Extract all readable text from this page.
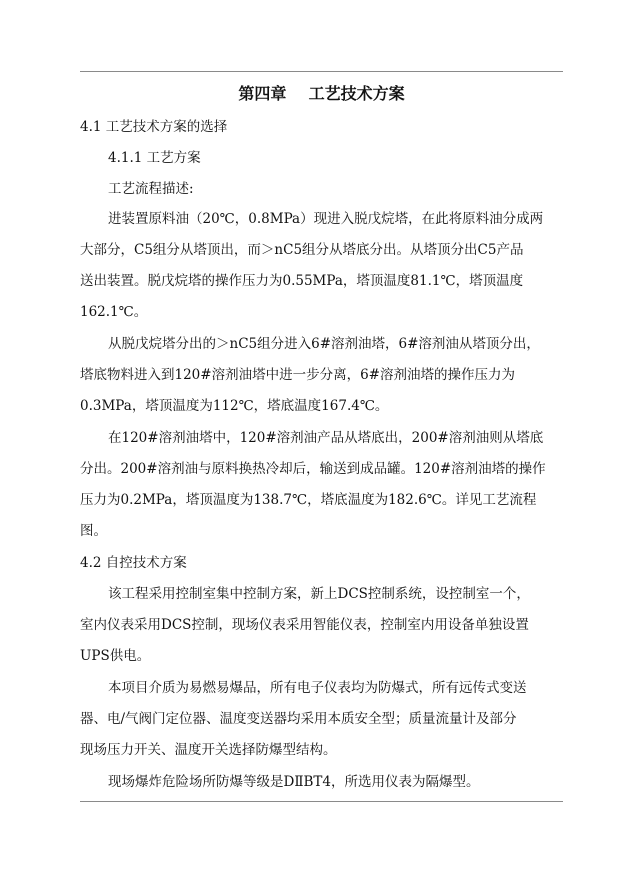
第四章    工艺技术方案
4.1 工艺技术方案的选择
4.1.1 工艺方案
工艺流程描述:
进装置原料油（20℃，0.8MPa）现进入脱戊烷塔，在此将原料油分成两
大部分，C5组分从塔顶出，而＞nC5组分从塔底分出。从塔顶分出C5产品
送出装置。脱戊烷塔的操作压力为0.55MPa，塔顶温度81.1℃，塔顶温度
162.1℃。
从脱戊烷塔分出的＞nC5组分进入6#溶剂油塔，6#溶剂油从塔顶分出，
塔底物料进入到120#溶剂油塔中进一步分离，6#溶剂油塔的操作压力为
0.3MPa，塔顶温度为112℃，塔底温度167.4℃。
在120#溶剂油塔中，120#溶剂油产品从塔底出，200#溶剂油则从塔底
分出。200#溶剂油与原料换热冷却后，输送到成品罐。120#溶剂油塔的操作
压力为0.2MPa，塔顶温度为138.7℃，塔底温度为182.6℃。详见工艺流程
图。
4.2 自控技术方案
该工程采用控制室集中控制方案，新上DCS控制系统，设控制室一个，
室内仪表采用DCS控制，现场仪表采用智能仪表，控制室内用设备单独设置
UPS供电。
本项目介质为易燃易爆品，所有电子仪表均为防爆式，所有远传式变送
器、电/气阀门定位器、温度变送器均采用本质安全型；质量流量计及部分
现场压力开关、温度开关选择防爆型结构。
现场爆炸危险场所防爆等级是DⅡBT4，所选用仪表为隔爆型。
